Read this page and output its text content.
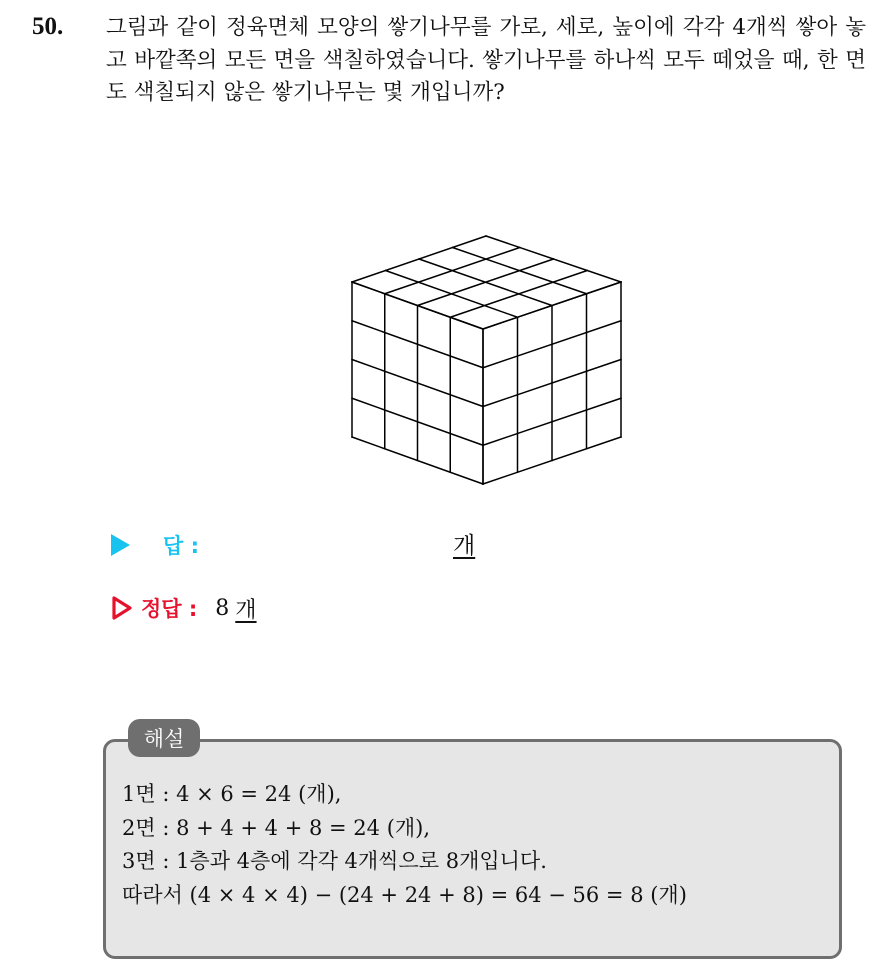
50. 그림과 같이 정육면체 모양의 쌓기나무를 가로, 세로, 높이에 각각 4개씩 쌓아 놓고 바깥쪽의 모든 면을 색칠하였습니다. 쌓기나무를 하나씩 모두 떼었을 때, 한 면도 색칠되지 않은 쌓기나무는 몇 개입니까?

답 :	개
정답 : 8 개
해설
1면 : 4 × 6 = 24 (개),
2면 : 8 + 4 + 4 + 8 = 24 (개),
3면 : 1층과 4층에 각각 4개씩으로 8개입니다.
따라서 (4 × 4 × 4) − (24 + 24 + 8) = 64 − 56 = 8 (개)
